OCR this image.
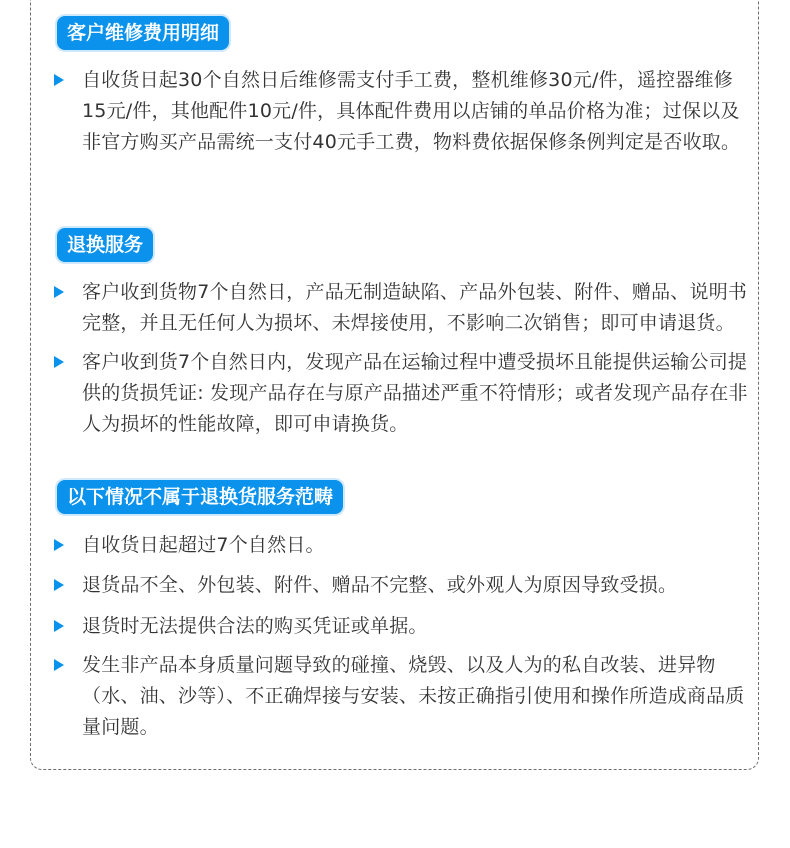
客户维修费用明细
自收货日起30个自然日后维修需支付手工费，整机维修30元/件，遥控器维修15元/件，其他配件10元/件，具体配件费用以店铺的单品价格为准；过保以及非官方购买产品需统一支付40元手工费，物料费依据保修条例判定是否收取。
退换服务
客户收到货物7个自然日，产品无制造缺陷、产品外包装、附件、赠品、说明书完整，并且无任何人为损坏、未焊接使用，不影响二次销售；即可申请退货。
客户收到货7个自然日内，发现产品在运输过程中遭受损坏且能提供运输公司提供的货损凭证: 发现产品存在与原产品描述严重不符情形；或者发现产品存在非人为损坏的性能故障，即可申请换货。
以下情况不属于退换货服务范畴
自收货日起超过7个自然日。
退货品不全、外包装、附件、赠品不完整、或外观人为原因导致受损。
退货时无法提供合法的购买凭证或单据。
发生非产品本身质量问题导致的碰撞、烧毁、以及人为的私自改装、进异物（水、油、沙等）、不正确焊接与安装、未按正确指引使用和操作所造成商品质量问题。
